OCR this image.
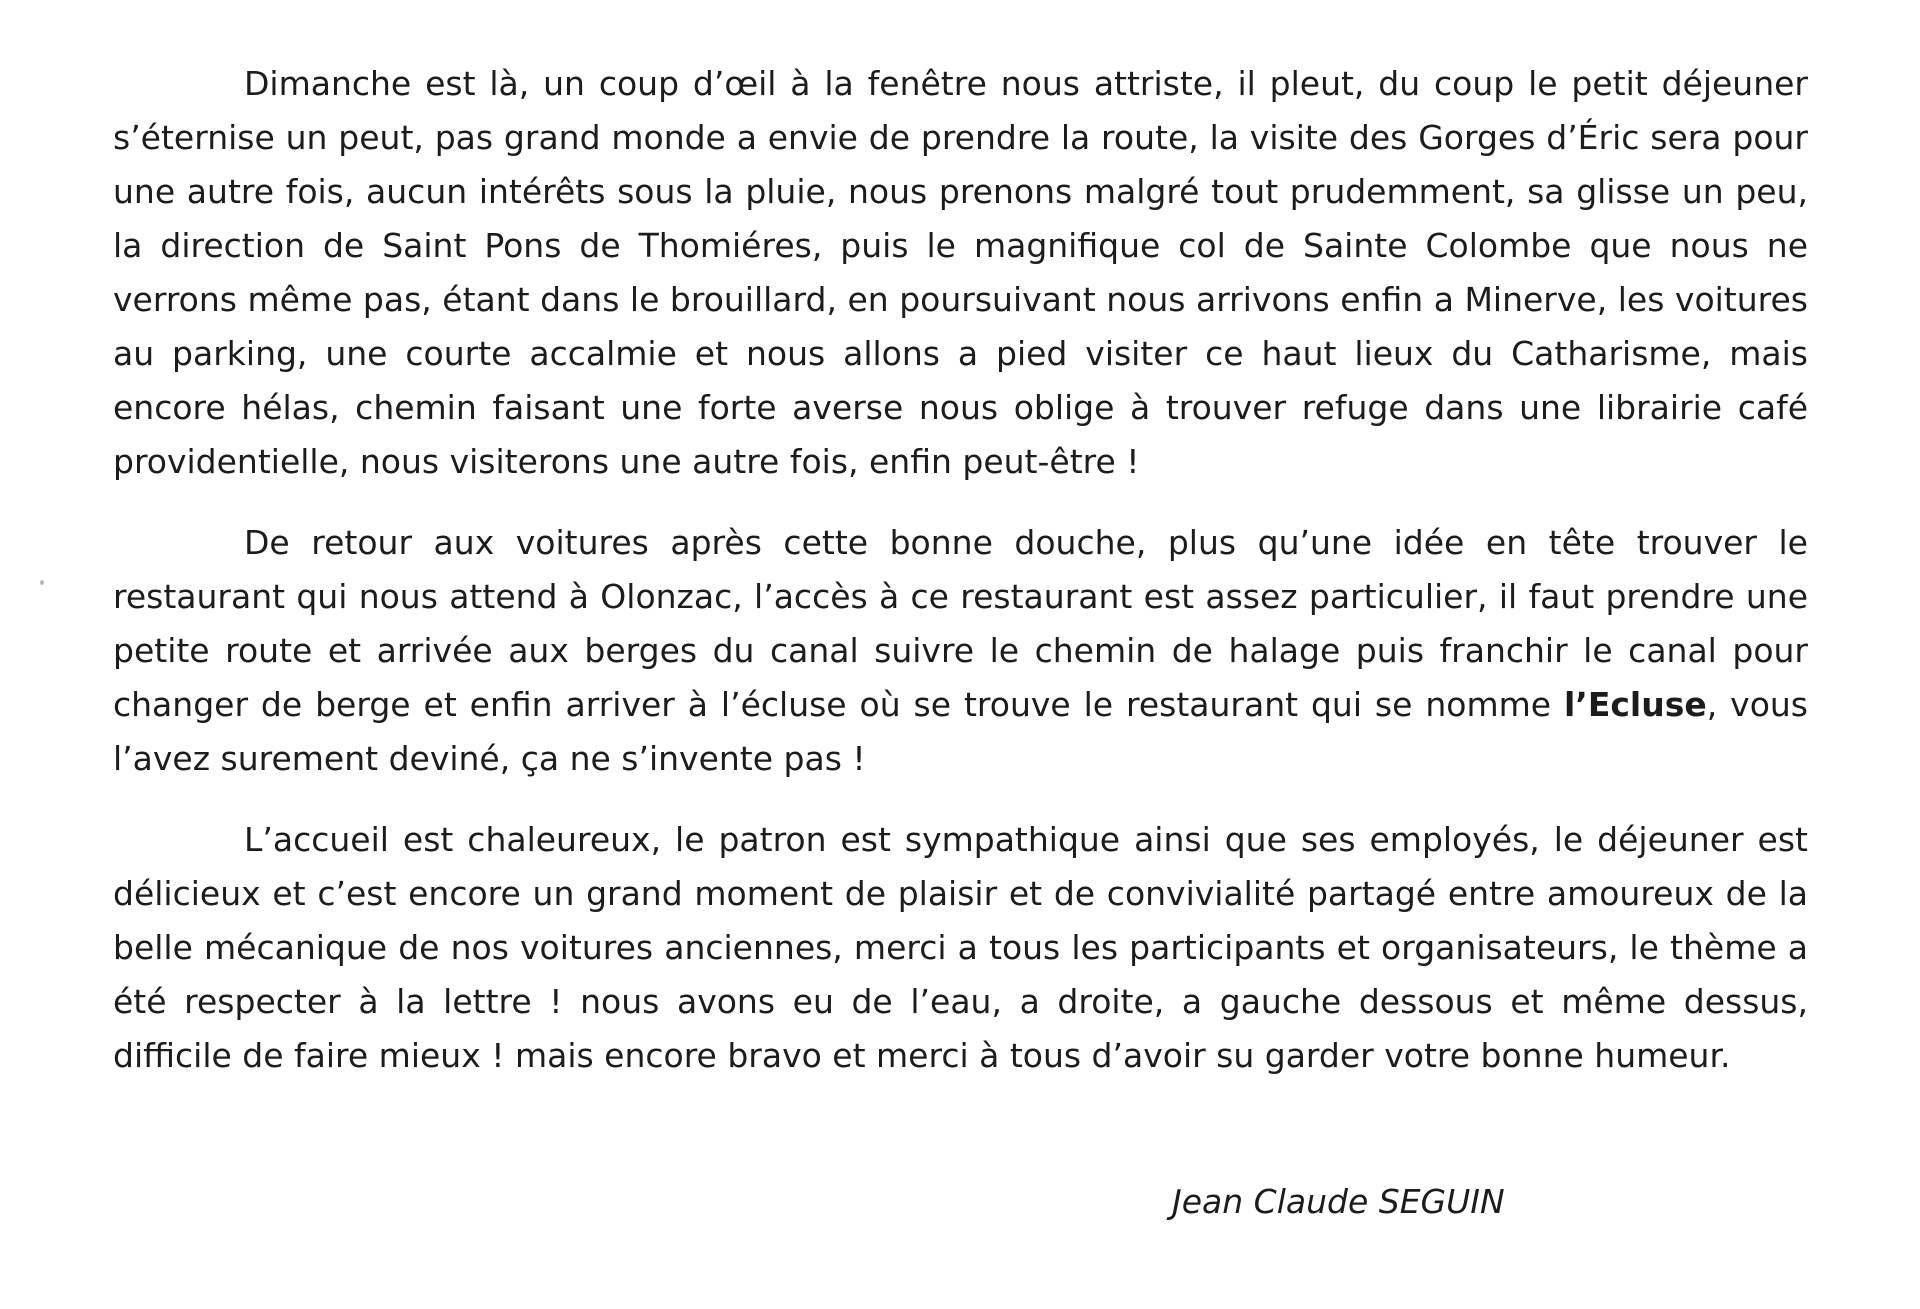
Dimanche est là, un coup d’œil à la fenêtre nous attriste, il pleut, du coup le petit déjeuner s’éternise un peut, pas grand monde a envie de prendre la route, la visite des Gorges d’Éric sera pour une autre fois, aucun intérêts sous la pluie, nous prenons malgré tout prudemment, sa glisse un peu, la direction de Saint Pons de Thomiéres, puis le magnifique col de Sainte Colombe que nous ne verrons même pas, étant dans le brouillard, en poursuivant nous arrivons enfin a Minerve, les voitures au parking, une courte accalmie et nous allons a pied visiter ce haut lieux du Catharisme, mais encore hélas, chemin faisant une forte averse nous oblige à trouver refuge dans une librairie café providentielle, nous visiterons une autre fois, enfin peut-être !

De retour aux voitures après cette bonne douche, plus qu’une idée en tête trouver le restaurant qui nous attend à Olonzac, l’accès à ce restaurant est assez particulier, il faut prendre une petite route et arrivée aux berges du canal suivre le chemin de halage puis franchir le canal pour changer de berge et enfin arriver à l’écluse où se trouve le restaurant qui se nomme l’Ecluse, vous l’avez surement deviné, ça ne s’invente pas !

L’accueil est chaleureux, le patron est sympathique ainsi que ses employés, le déjeuner est délicieux et c’est encore un grand moment de plaisir et de convivialité partagé entre amoureux de la belle mécanique de nos voitures anciennes, merci a tous les participants et organisateurs, le thème a été respecter à la lettre ! nous avons eu de l’eau, a droite, a gauche dessous et même dessus, difficile de faire mieux ! mais encore bravo et merci à tous d’avoir su garder votre bonne humeur.

Jean Claude SEGUIN
